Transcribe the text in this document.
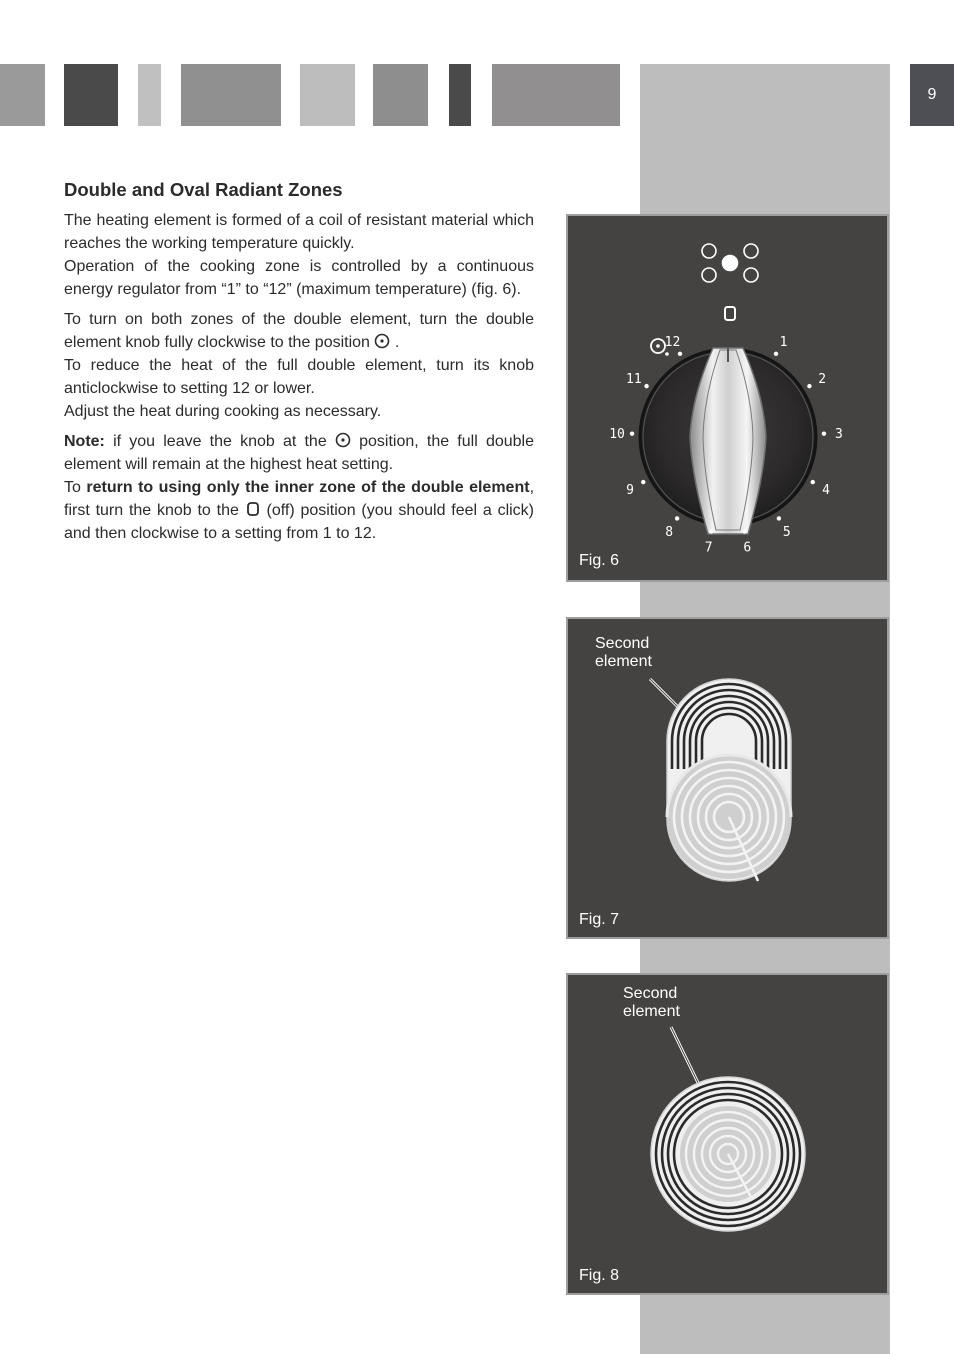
9
Double and Oval Radiant Zones

The heating element is formed of a coil of resistant material which reaches the working temperature quickly.

Operation of the cooking zone is controlled by a continuous energy regulator from “1” to “12” (maximum temperature) (fig. 6).

To turn on both zones of the double element, turn the double element knob fully clockwise to the position .

To reduce the heat of the full double element, turn its knob anticlockwise to setting 12 or lower.

Adjust the heat during cooking as necessary.

Note: if you leave the knob at the position, the full double element will remain at the highest heat setting.

To return to using only the inner zone of the double element, first turn the knob to the (off) position (you should feel a click) and then clockwise to a setting from 1 to 12.

1
2
3
4
5
6
7
8
9
10
11
12
Fig. 6
Second element
Fig. 7
Second element
Fig. 8
